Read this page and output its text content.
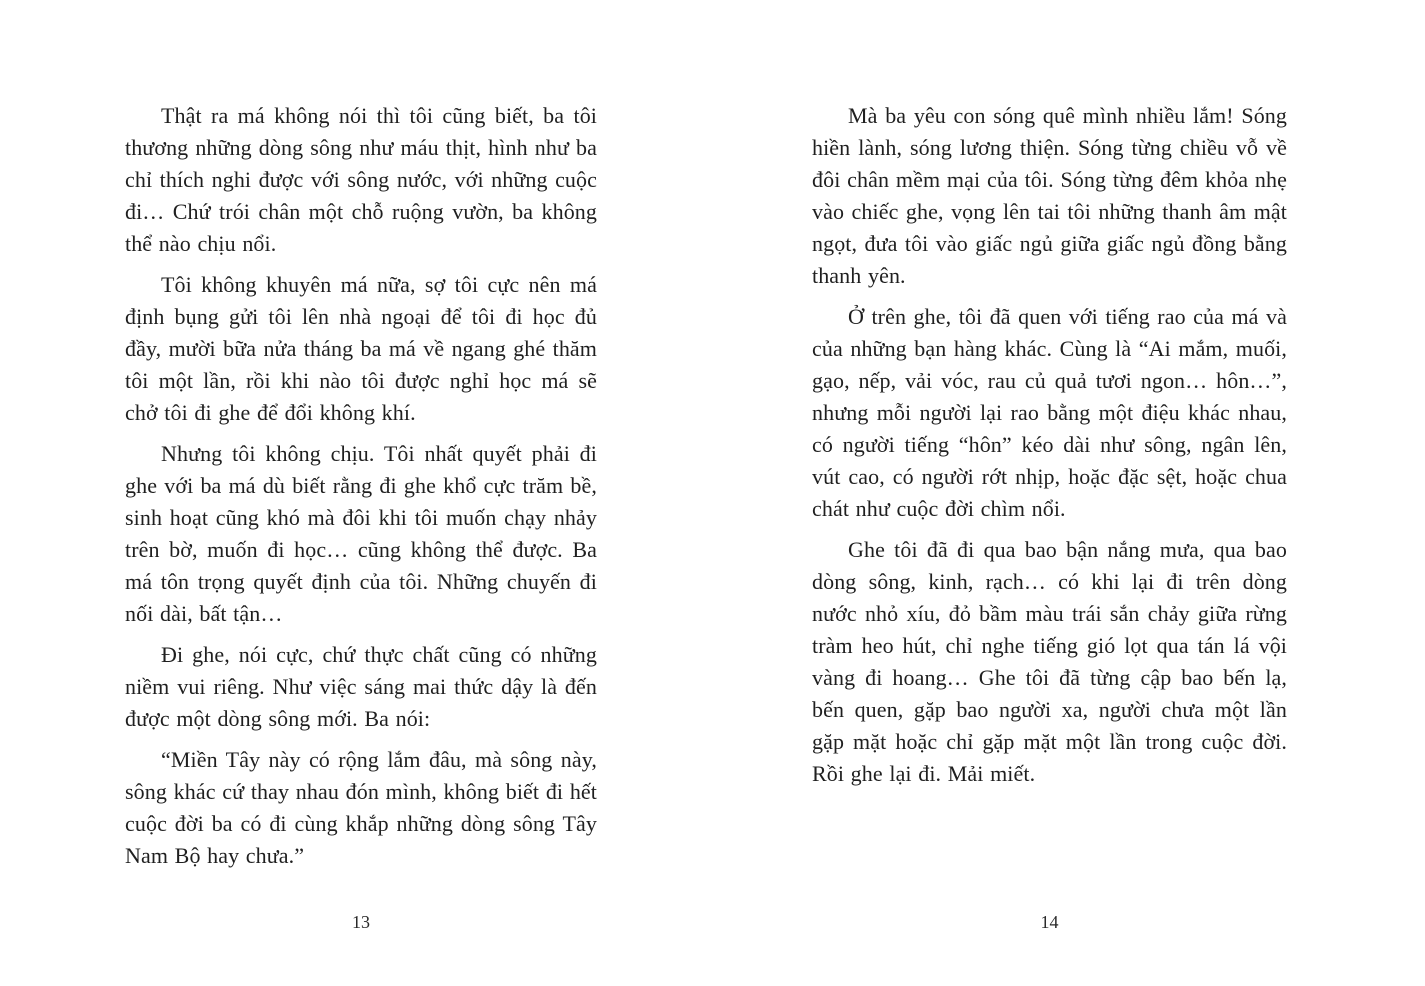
Thật ra má không nói thì tôi cũng biết, ba tôi thương những dòng sông như máu thịt, hình như ba chỉ thích nghi được với sông nước, với những cuộc đi… Chứ trói chân một chỗ ruộng vườn, ba không thể nào chịu nổi.

Tôi không khuyên má nữa, sợ tôi cực nên má định bụng gửi tôi lên nhà ngoại để tôi đi học đủ đầy, mười bữa nửa tháng ba má về ngang ghé thăm tôi một lần, rồi khi nào tôi được nghỉ học má sẽ chở tôi đi ghe để đổi không khí.

Nhưng tôi không chịu. Tôi nhất quyết phải đi ghe với ba má dù biết rằng đi ghe khổ cực trăm bề, sinh hoạt cũng khó mà đôi khi tôi muốn chạy nhảy trên bờ, muốn đi học… cũng không thể được. Ba má tôn trọng quyết định của tôi. Những chuyến đi nối dài, bất tận…

Đi ghe, nói cực, chứ thực chất cũng có những niềm vui riêng. Như việc sáng mai thức dậy là đến được một dòng sông mới. Ba nói:

“Miền Tây này có rộng lắm đâu, mà sông này, sông khác cứ thay nhau đón mình, không biết đi hết cuộc đời ba có đi cùng khắp những dòng sông Tây Nam Bộ hay chưa.”

13

Mà ba yêu con sóng quê mình nhiều lắm! Sóng hiền lành, sóng lương thiện. Sóng từng chiều vỗ về đôi chân mềm mại của tôi. Sóng từng đêm khỏa nhẹ vào chiếc ghe, vọng lên tai tôi những thanh âm mật ngọt, đưa tôi vào giấc ngủ giữa giấc ngủ đồng bằng thanh yên.

Ở trên ghe, tôi đã quen với tiếng rao của má và của những bạn hàng khác. Cùng là “Ai mắm, muối, gạo, nếp, vải vóc, rau củ quả tươi ngon… hôn…”, nhưng mỗi người lại rao bằng một điệu khác nhau, có người tiếng “hôn” kéo dài như sông, ngân lên, vút cao, có người rớt nhịp, hoặc đặc sệt, hoặc chua chát như cuộc đời chìm nổi.

Ghe tôi đã đi qua bao bận nắng mưa, qua bao dòng sông, kinh, rạch… có khi lại đi trên dòng nước nhỏ xíu, đỏ bầm màu trái sắn chảy giữa rừng tràm heo hút, chỉ nghe tiếng gió lọt qua tán lá vội vàng đi hoang… Ghe tôi đã từng cập bao bến lạ, bến quen, gặp bao người xa, người chưa một lần gặp mặt hoặc chỉ gặp mặt một lần trong cuộc đời. Rồi ghe lại đi. Mải miết.

14
